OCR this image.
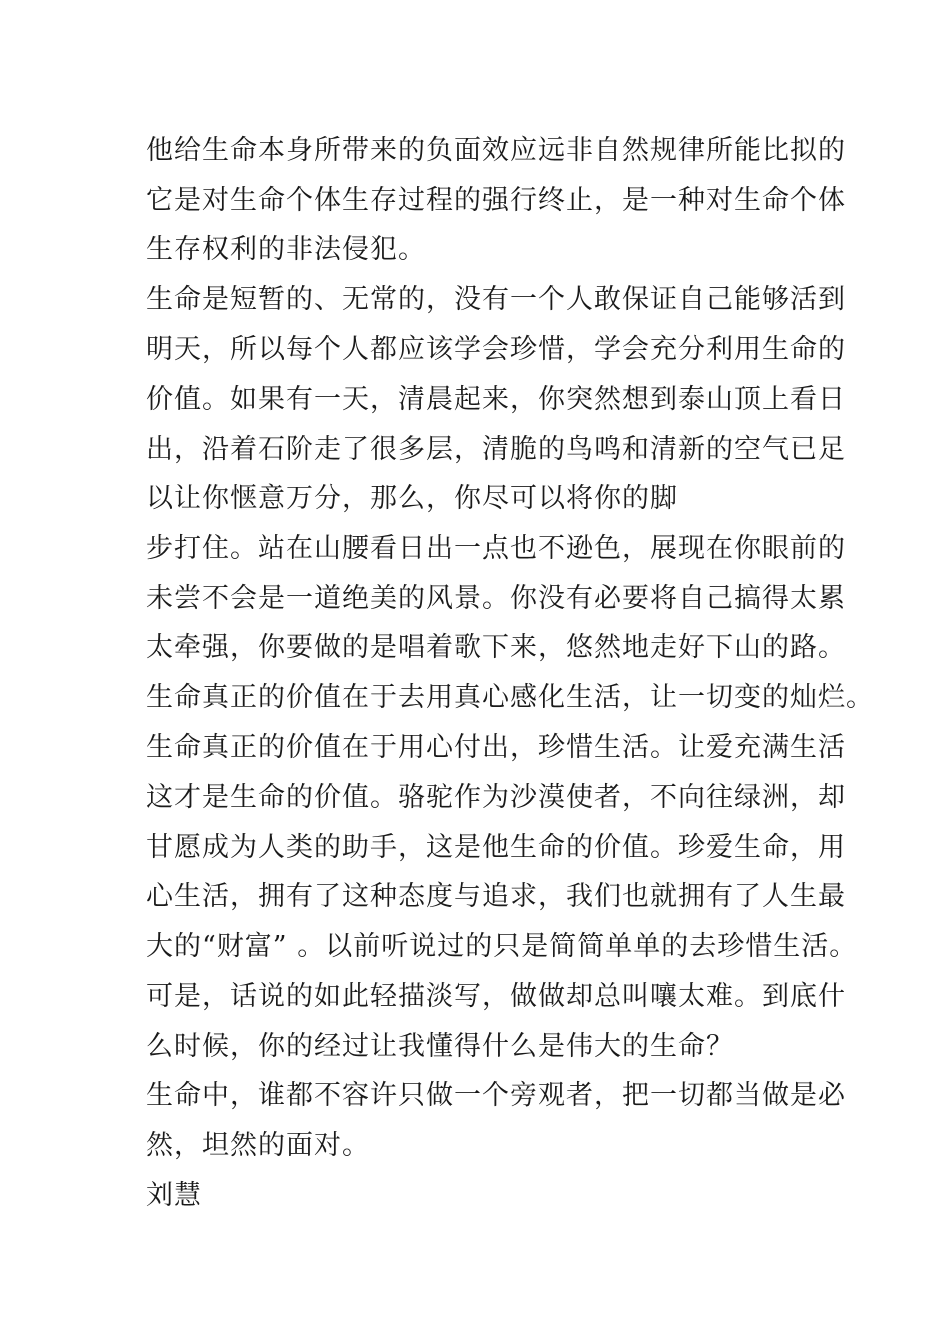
他给生命本身所带来的负面效应远非自然规律所能比拟的
它是对生命个体生存过程的强行终止，是一种对生命个体
生存权利的非法侵犯。
生命是短暂的、无常的，没有一个人敢保证自己能够活到
明天，所以每个人都应该学会珍惜，学会充分利用生命的
价值。如果有一天，清晨起来，你突然想到泰山顶上看日
出，沿着石阶走了很多层，清脆的鸟鸣和清新的空气已足
以让你惬意万分，那么，你尽可以将你的脚
步打住。站在山腰看日出一点也不逊色，展现在你眼前的
未尝不会是一道绝美的风景。你没有必要将自己搞得太累
太牵强，你要做的是唱着歌下来，悠然地走好下山的路。
生命真正的价值在于去用真心感化生活，让一切变的灿烂。
生命真正的价值在于用心付出，珍惜生活。让爱充满生活
这才是生命的价值。骆驼作为沙漠使者，不向往绿洲，却
甘愿成为人类的助手，这是他生命的价值。珍爱生命，用
心生活，拥有了这种态度与追求，我们也就拥有了人生最
大的“财富” 。以前听说过的只是简简单单的去珍惜生活。
可是，话说的如此轻描淡写，做做却总叫嚷太难。到底什
么时候，你的经过让我懂得什么是伟大的生命？
生命中，谁都不容许只做一个旁观者，把一切都当做是必
然，坦然的面对。
刘慧
